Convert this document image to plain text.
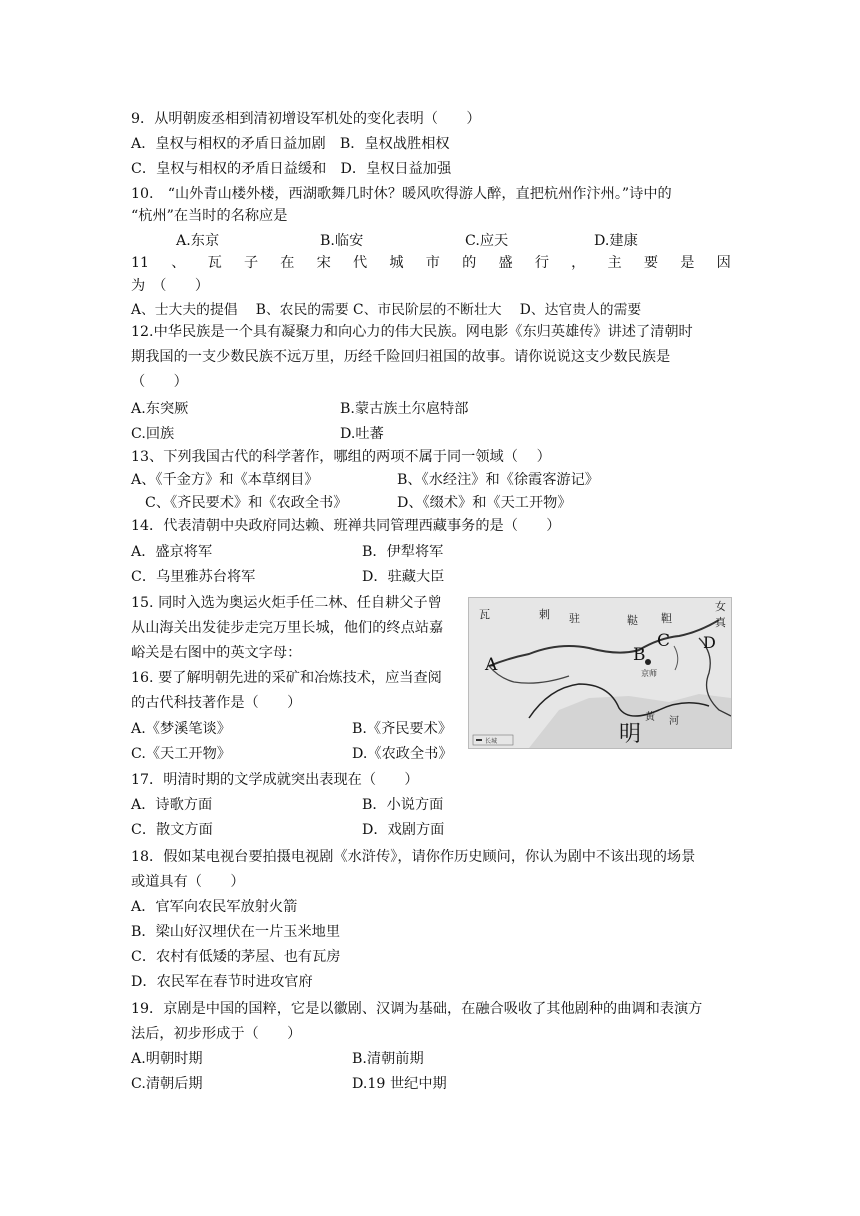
9．从明朝废丞相到清初增设军机处的变化表明（　　）
A．皇权与相权的矛盾日益加剧　B．皇权战胜相权
C．皇权与相权的矛盾日益缓和　D．皇权日益加强
10.　“山外青山楼外楼，西湖歌舞几时休？暖风吹得游人醉，直把杭州作汴州。”诗中的
“杭州”在当时的名称应是
A.东京	B.临安	C.应天	D.建康
11 、 瓦 子 在 宋 代 城 市 的 盛 行 ， 主 要 是 因
为　（　　）
A、士大夫的提倡　 B、农民的需要 C、市民阶层的不断壮大　 D、达官贵人的需要
12.中华民族是一个具有凝聚力和向心力的伟大民族。网电影《东归英雄传》讲述了清朝时
期我国的一支少数民族不远万里，历经千险回归祖国的故事。请你说说这支少数民族是
（　　）
A.东突厥	B.蒙古族土尔扈特部
C.回族	D.吐蕃
13、下列我国古代的科学著作，哪组的两项不属于同一领域（　 ）
A、《千金方》和《本草纲目》	B、《水经注》和《徐霞客游记》
C、《齐民要术》和《农政全书》	D、《缀术》和《天工开物》
14．代表清朝中央政府同达赖、班禅共同管理西藏事务的是（　　）
A．盛京将军	B．伊犁将军
C．乌里雅苏台将军	D．驻藏大臣
15. 同时入选为奥运火炬手任二林、任自耕父子曾
从山海关出发徒步走完万里长城，他们的终点站嘉
峪关是右图中的英文字母：
16. 要了解明朝先进的采矿和冶炼技术，应当查阅
的古代科技著作是（　　）
A.《梦溪笔谈》	B.《齐民要术》
C.《天工开物》	D.《农政全书》
瓦	剌 驻	鞑 靼
女
真
A	B
C D
京师
明
黄 河
长城
17．明清时期的文学成就突出表现在（　　）
A．诗歌方面	B．小说方面
C．散文方面	D．戏剧方面
18．假如某电视台要拍摄电视剧《水浒传》，请你作历史顾问，你认为剧中不该出现的场景
或道具有（　　）
A．官军向农民军放射火箭
B．梁山好汉埋伏在一片玉米地里
C．农村有低矮的茅屋、也有瓦房
D．农民军在春节时进攻官府
19．京剧是中国的国粹，它是以徽剧、汉调为基础，在融合吸收了其他剧种的曲调和表演方
法后，初步形成于（　　）
A.明朝时期	B.清朝前期
C.清朝后期	D.19 世纪中期
